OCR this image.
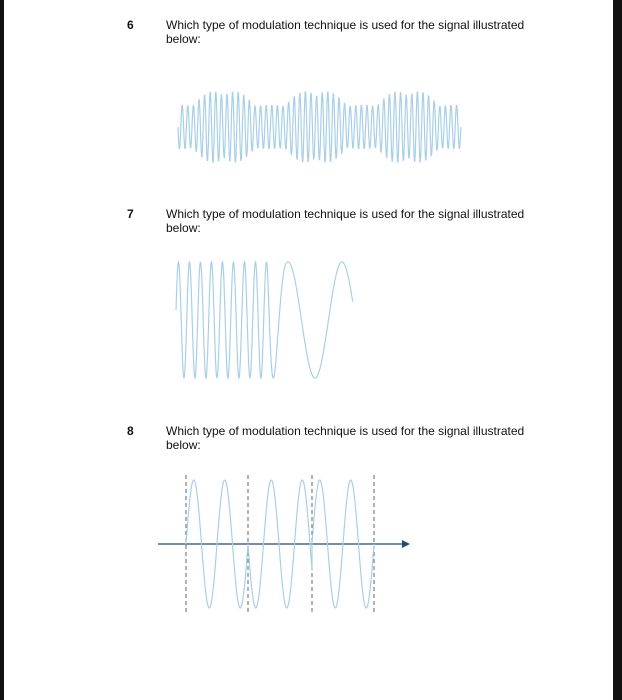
6	Which type of modulation technique is used for the signal illustrated below:
7	Which type of modulation technique is used for the signal illustrated below:
8	Which type of modulation technique is used for the signal illustrated below:
